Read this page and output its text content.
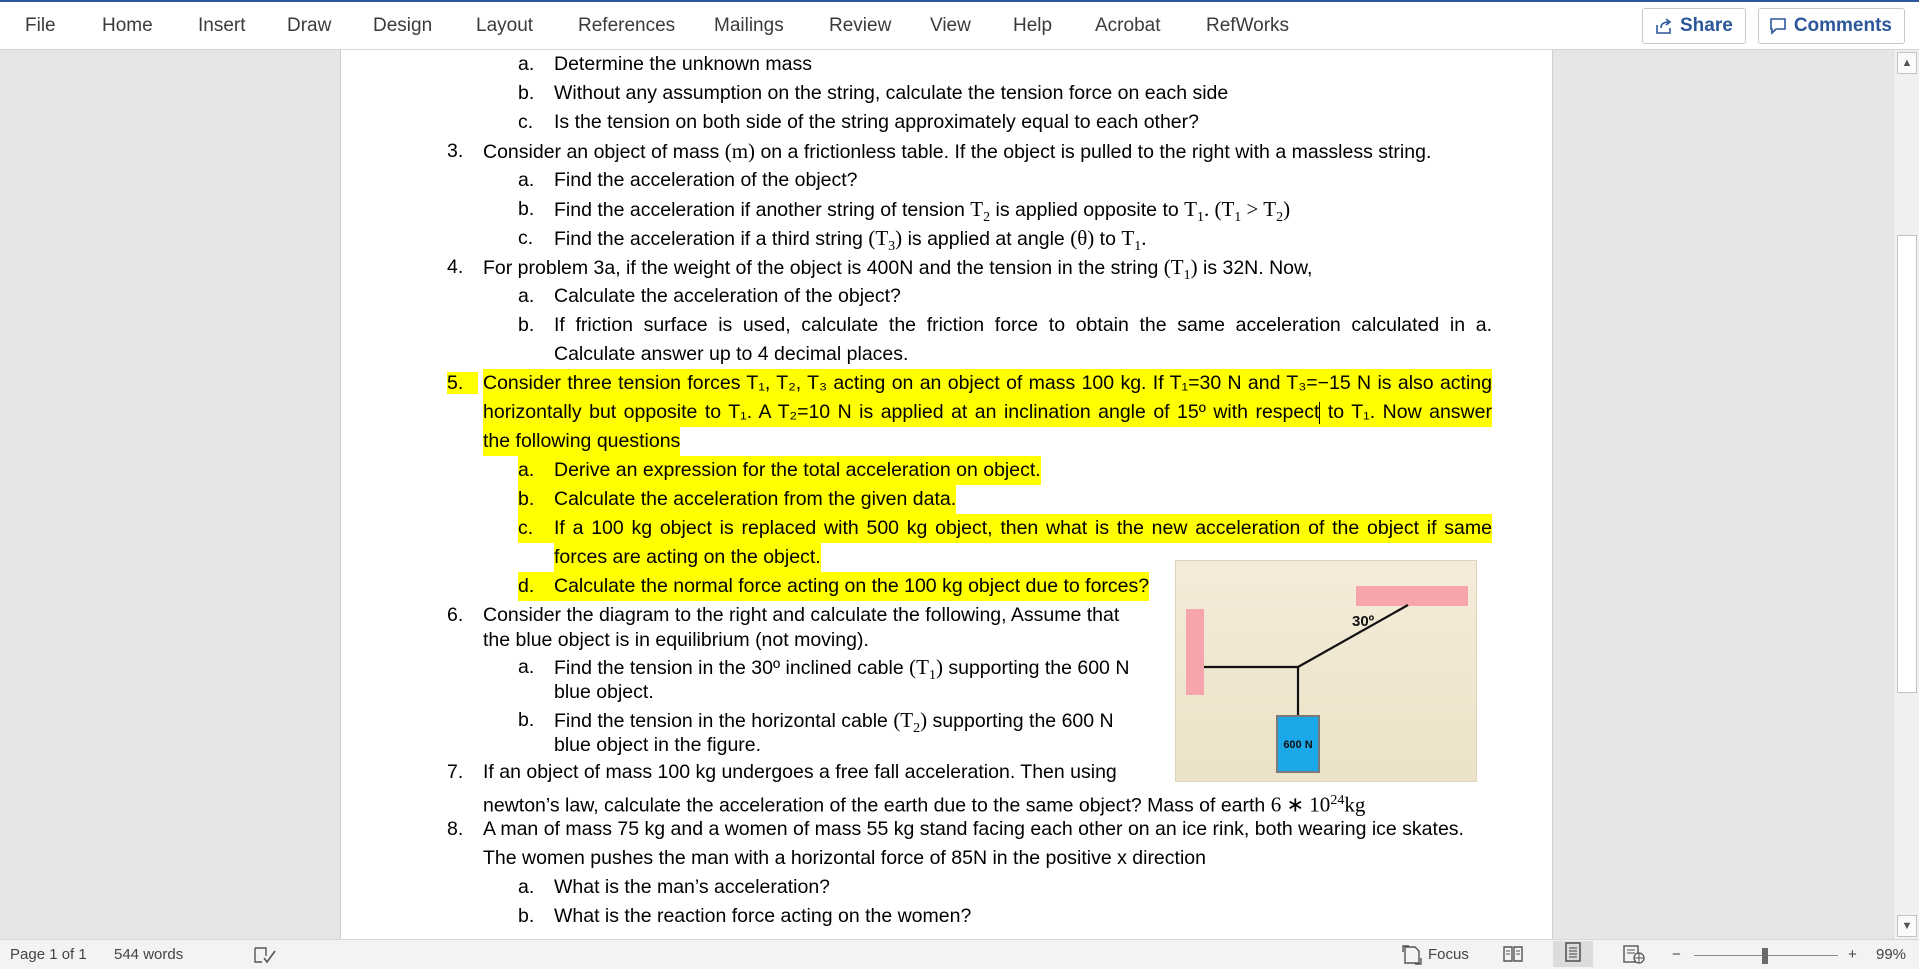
File Home Insert Draw Design Layout References Mailings Review View Help Acrobat RefWorks	Share	Comments
a. Determine the unknown mass
b. Without any assumption on the string, calculate the tension force on each side
c. Is the tension on both side of the string approximately equal to each other?
3. Consider an object of mass (m) on a frictionless table. If the object is pulled to the right with a massless string.
a. Find the acceleration of the object?
b. Find the acceleration if another string of tension $T_2$ is applied opposite to $T_1$. $(T_1 > T_2)$
c. Find the acceleration if a third string $(T_3)$ is applied at angle (θ) to $T_1$.
4. For problem 3a, if the weight of the object is 400N and the tension in the string $(T_1)$ is 32N. Now,
a. Calculate the acceleration of the object?
b. If friction surface is used, calculate the friction force to obtain the same acceleration calculated in a.
Calculate answer up to 4 decimal places.
5.	Consider three tension forces T₁, T₂, T₃ acting on an object of mass 100 kg. If T₁=30 N and T₃=−15 N is also acting
horizontally but opposite to T₁. A T₂=10 N is applied at an inclination angle of 15º with respect to T₁. Now answer
the following questions
a.	Derive an expression for the total acceleration on object.
b.	Calculate the acceleration from the given data.
c.	If a 100 kg object is replaced with 500 kg object, then what is the new acceleration of the object if same
forces are acting on the object.
d.	Calculate the normal force acting on the 100 kg object due to forces?
6. Consider the diagram to the right and calculate the following, Assume that
the blue object is in equilibrium (not moving).
a. Find the tension in the 30º inclined cable $(T_1)$ supporting the 600 N
blue object.
b. Find the tension in the horizontal cable $(T_2)$ supporting the 600 N
blue object in the figure.
7. If an object of mass 100 kg undergoes a free fall acceleration. Then using
newton’s law, calculate the acceleration of the earth due to the same object? Mass of earth 6 ∗ $10^{24}kg$
8. A man of mass 75 kg and a women of mass 55 kg stand facing each other on an ice rink, both wearing ice skates.
The women pushes the man with a horizontal force of 85N in the positive x direction
a. What is the man’s acceleration?
b. What is the reaction force acting on the women?
30º
600 N
▲
▼
Page 1 of 1 544 words	Focus	−	+ 99%
